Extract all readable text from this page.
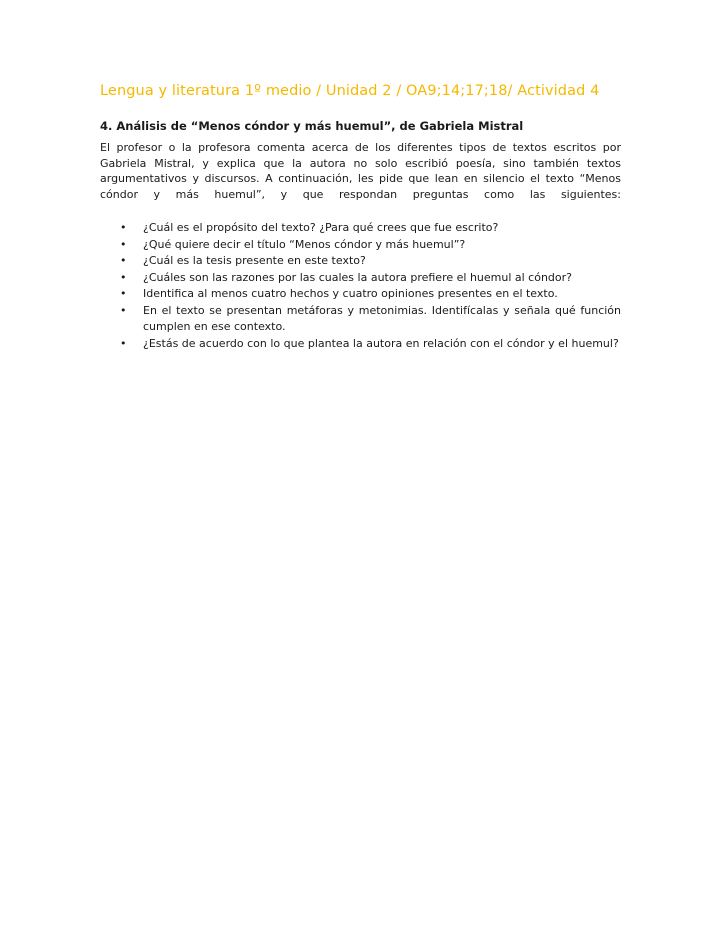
Lengua y literatura 1º medio / Unidad 2 / OA9;14;17;18/ Actividad 4

4. Análisis de “Menos cóndor y más huemul”, de Gabriela Mistral

El profesor o la profesora comenta acerca de los diferentes tipos de textos escritos por Gabriela Mistral, y explica que la autora no solo escribió poesía, sino también textos argumentativos y discursos. A continuación, les pide que lean en silencio el texto “Menos cóndor y más huemul”, y que respondan preguntas como las siguientes:

• ¿Cuál es el propósito del texto? ¿Para qué crees que fue escrito?
• ¿Qué quiere decir el título “Menos cóndor y más huemul”?
• ¿Cuál es la tesis presente en este texto?
• ¿Cuáles son las razones por las cuales la autora prefiere el huemul al cóndor?
• Identifica al menos cuatro hechos y cuatro opiniones presentes en el texto.
• En el texto se presentan metáforas y metonimias. Identifícalas y señala qué función cumplen en ese contexto.
• ¿Estás de acuerdo con lo que plantea la autora en relación con el cóndor y el huemul?
